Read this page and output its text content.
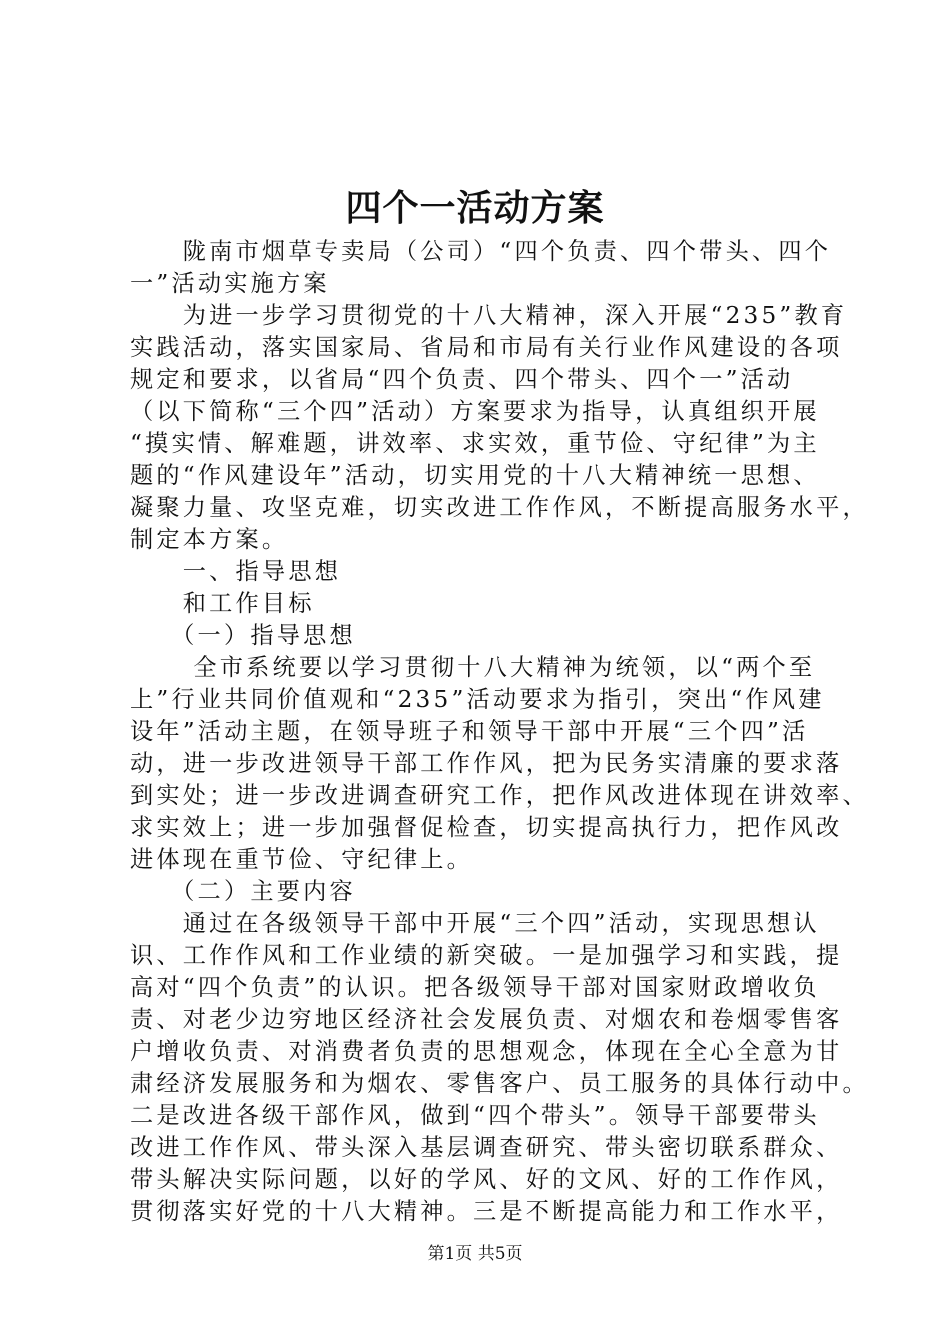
四个一活动方案

　　陇南市烟草专卖局（公司）“四个负责、四个带头、四个

一”活动实施方案

　　为进一步学习贯彻党的十八大精神，深入开展“235”教育

实践活动，落实国家局、省局和市局有关行业作风建设的各项

规定和要求，以省局“四个负责、四个带头、四个一”活动

（以下简称“三个四”活动）方案要求为指导，认真组织开展

“摸实情、解难题，讲效率、求实效，重节俭、守纪律”为主

题的“作风建设年”活动，切实用党的十八大精神统一思想、

凝聚力量、攻坚克难，切实改进工作作风，不断提高服务水平，

制定本方案。

　　一、指导思想

　　和工作目标

　　（一）指导思想

　　 全市系统要以学习贯彻十八大精神为统领，以“两个至

上”行业共同价值观和“235”活动要求为指引，突出“作风建

设年”活动主题，在领导班子和领导干部中开展“三个四”活

动，进一步改进领导干部工作作风，把为民务实清廉的要求落

到实处；进一步改进调查研究工作，把作风改进体现在讲效率、

求实效上；进一步加强督促检查，切实提高执行力，把作风改

进体现在重节俭、守纪律上。

　　（二）主要内容

　　通过在各级领导干部中开展“三个四”活动，实现思想认

识、工作作风和工作业绩的新突破。一是加强学习和实践，提

高对“四个负责”的认识。把各级领导干部对国家财政增收负

责、对老少边穷地区经济社会发展负责、对烟农和卷烟零售客

户增收负责、对消费者负责的思想观念，体现在全心全意为甘

肃经济发展服务和为烟农、零售客户、员工服务的具体行动中。

二是改进各级干部作风，做到“四个带头”。领导干部要带头

改进工作作风、带头深入基层调查研究、带头密切联系群众、

带头解决实际问题，以好的学风、好的文风、好的工作作风，

贯彻落实好党的十八大精神。三是不断提高能力和工作水平，

第1页 共5页
